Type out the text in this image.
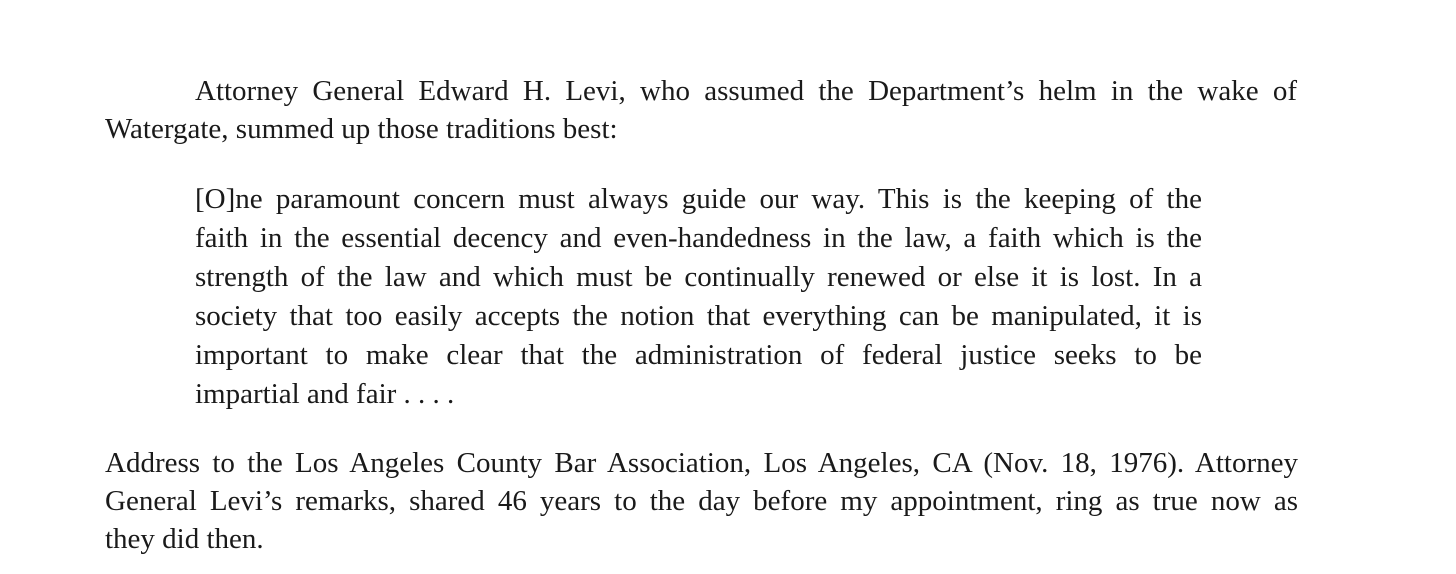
Attorney General Edward H. Levi, who assumed the Department’s helm in the wake of
Watergate, summed up those traditions best:
[O]ne paramount concern must always guide our way. This is the keeping of the
faith in the essential decency and even-handedness in the law, a faith which is the
strength of the law and which must be continually renewed or else it is lost. In a
society that too easily accepts the notion that everything can be manipulated, it is
important to make clear that the administration of federal justice seeks to be
impartial and fair . . . .
Address to the Los Angeles County Bar Association, Los Angeles, CA (Nov. 18, 1976). Attorney
General Levi’s remarks, shared 46 years to the day before my appointment, ring as true now as
they did then.
